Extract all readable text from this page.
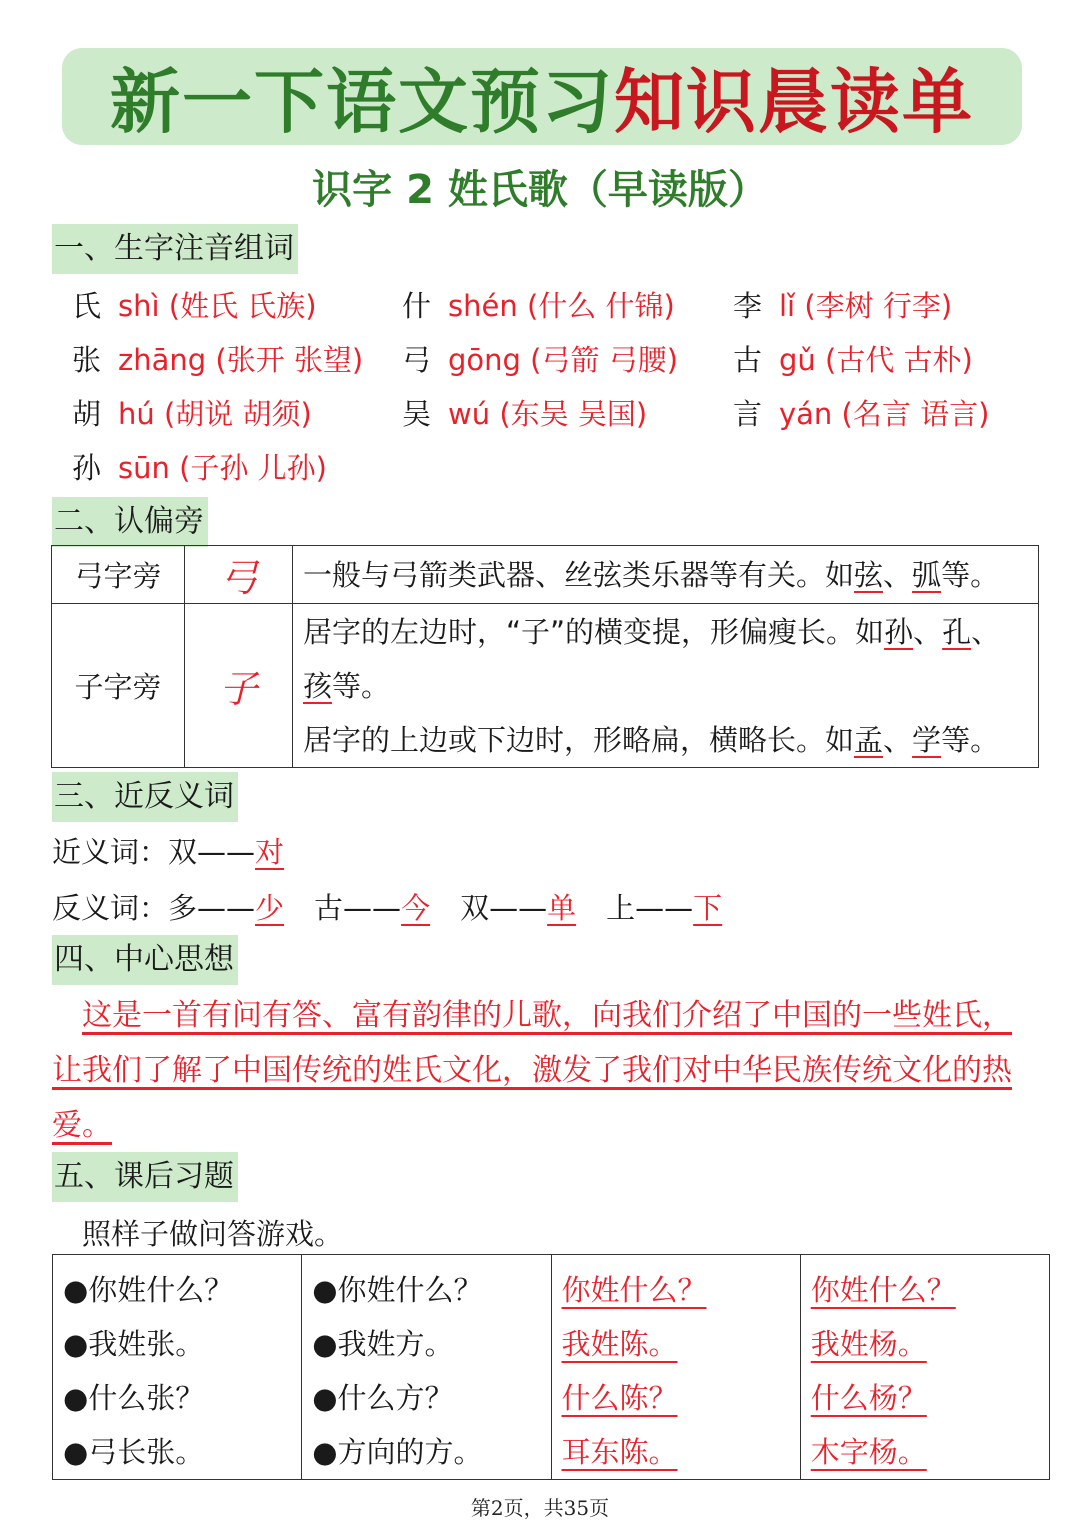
新一下语文预习 知识晨读单
识字 2 姓氏歌（早读版）
一、生字注音组词
氏 shì (姓氏 氏族)	什 shén (什么 什锦) 李 lǐ (李树 行李)
张 zhāng (张开 张望) 弓 gōng (弓箭 弓腰) 古 gǔ (古代 古朴)
胡 hú (胡说 胡须)	吴 wú (东吴 吴国)	言 yán (名言 语言)
孙 sūn (子孙 儿孙)
二、认偏旁
弓字旁	弓	一般与弓箭类武器、丝弦类乐器等有关。如弦、弧等。
子字旁	子	居字的左边时，“子”的横变提，形偏瘦长。如孙、孔、
孩等。
居字的上边或下边时，形略扁，横略长。如孟、学等。
三、近反义词
近义词：双——对
反义词：多——少 古——今 双——单 上——下
四、中心思想
这是一首有问有答、富有韵律的儿歌，向我们介绍了中国的一些姓氏，
让我们了解了中国传统的姓氏文化，激发了我们对中华民族传统文化的热
爱。
五、课后习题
照样子做问答游戏。
●你姓什么？
●我姓张。
●什么张？
●弓长张。

●你姓什么？
●我姓方。
●什么方？
●方向的方。

你姓什么？
我姓陈。
什么陈？
耳东陈。

你姓什么？
我姓杨。
什么杨？
木字杨。
第2页，共35页
